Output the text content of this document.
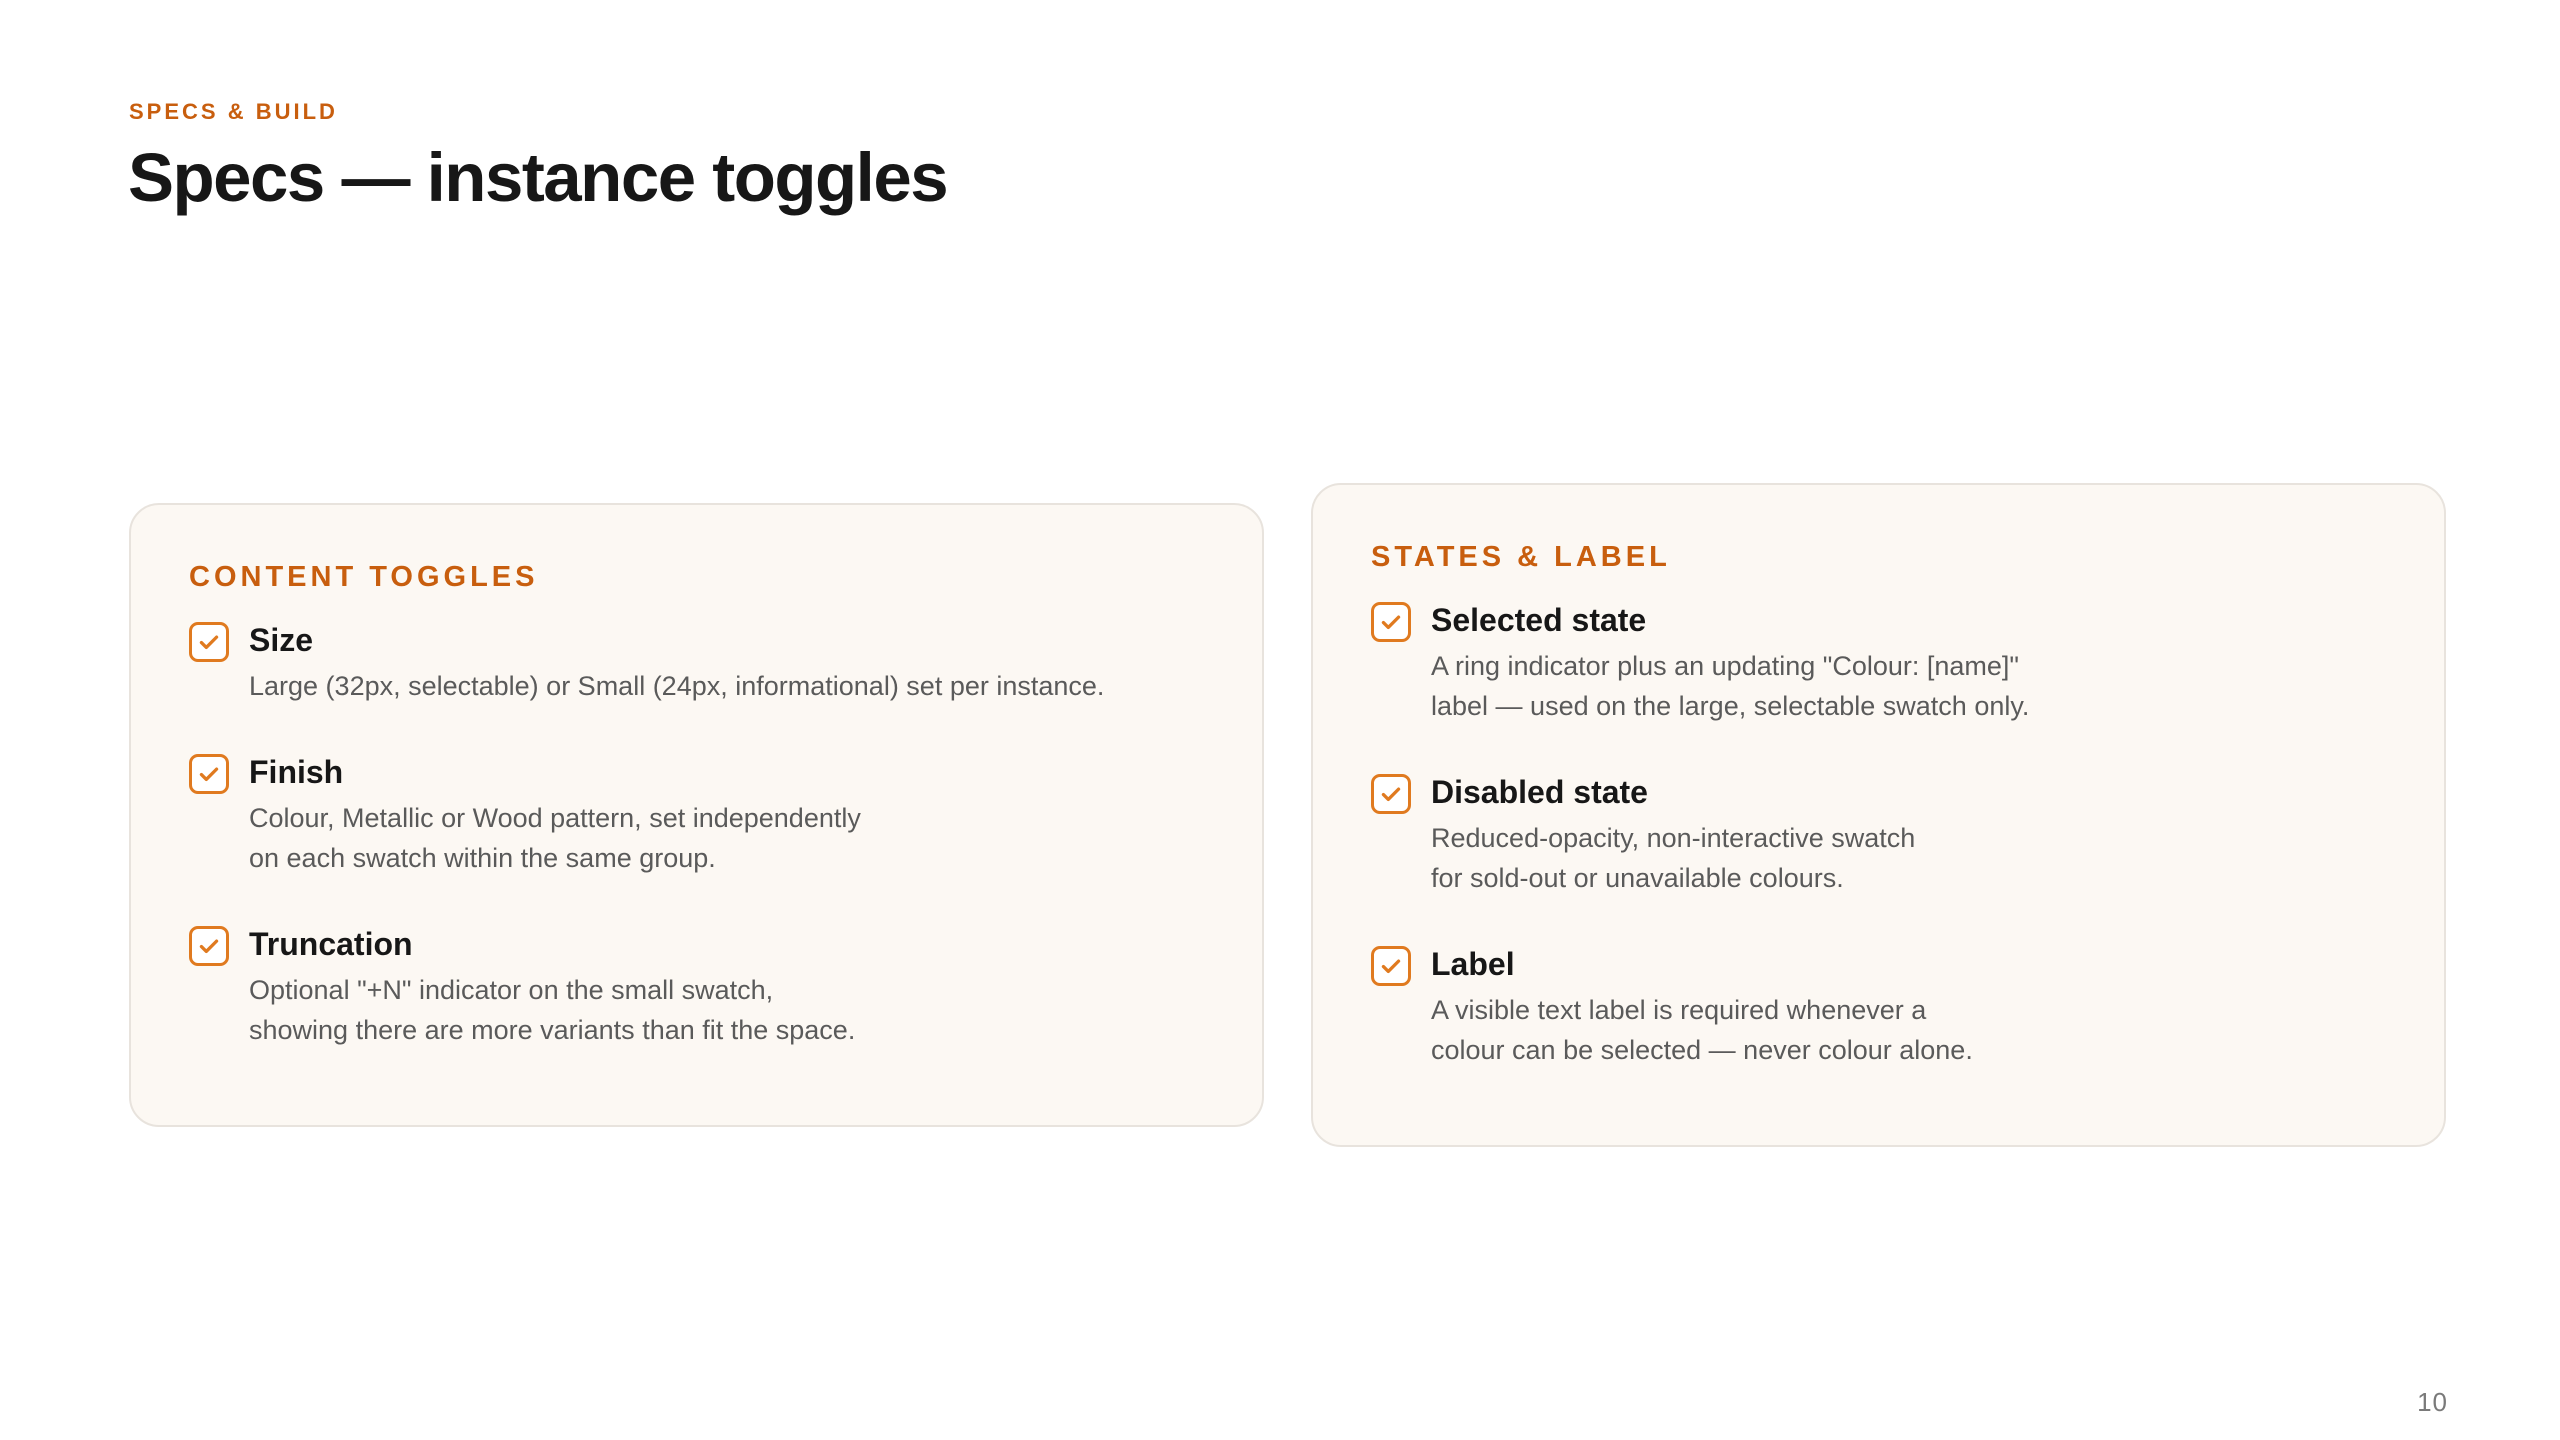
SPECS & BUILD
Specs — instance toggles
CONTENT TOGGLES
Size
Large (32px, selectable) or Small (24px, informational) set per instance.
Finish
Colour, Metallic or Wood pattern, set independently
on each swatch within the same group.
Truncation
Optional "+N" indicator on the small swatch,
showing there are more variants than fit the space.
STATES & LABEL
Selected state
A ring indicator plus an updating "Colour: [name]"
label — used on the large, selectable swatch only.
Disabled state
Reduced-opacity, non-interactive swatch
for sold-out or unavailable colours.
Label
A visible text label is required whenever a
colour can be selected — never colour alone.
10
